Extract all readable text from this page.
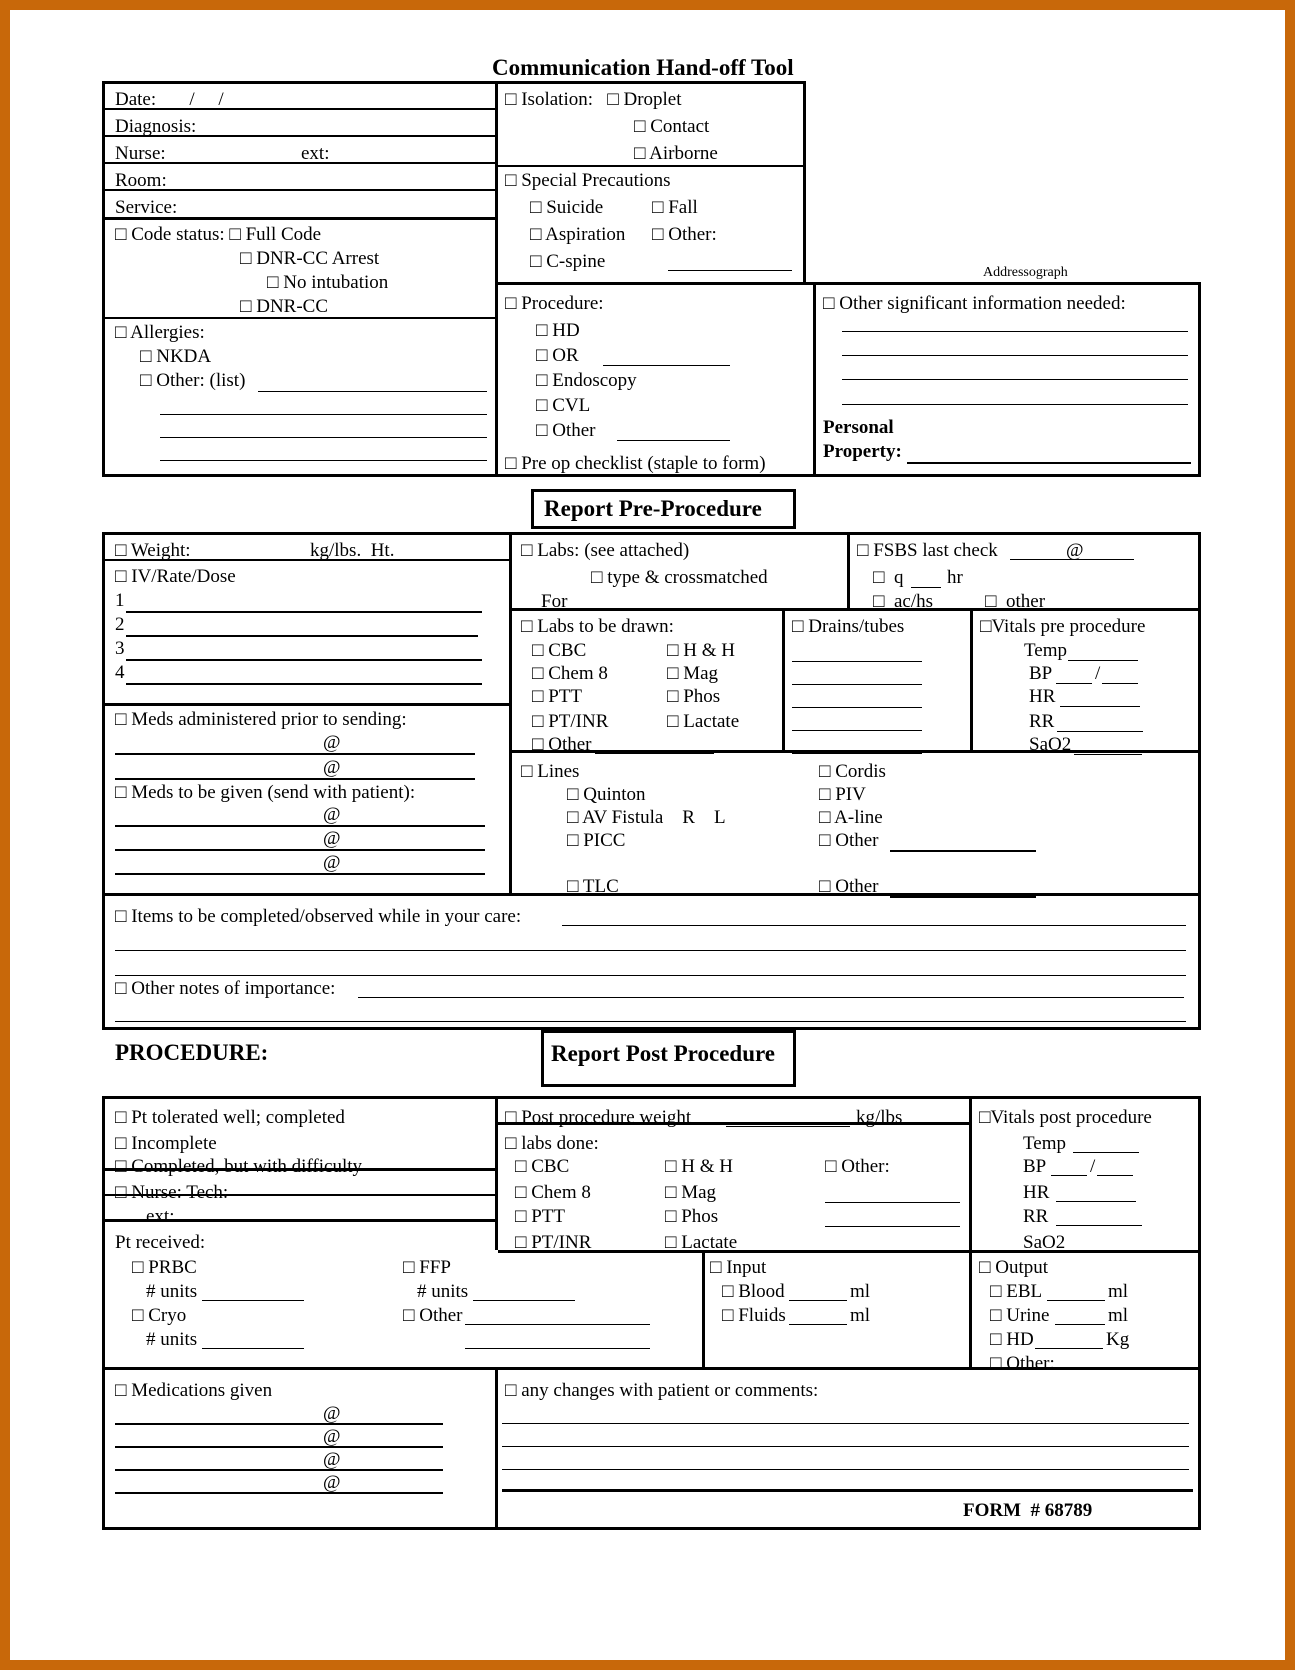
Communication Hand-off Tool
Date:       /     /
Diagnosis:
Nurse:	ext:
Room:
Service:
□ Code status: □ Full Code
□ DNR-CC Arrest
□ No intubation
□ DNR-CC
□ Allergies:
□ NKDA
□ Other: (list)
□ Isolation:   □ Droplet
□ Contact
□ Airborne
□ Special Precautions
□ Suicide	□ Fall
□ Aspiration □ Other:
□ C-spine
Addressograph
□ Procedure:
□ HD
□ OR
□ Endoscopy
□ CVL
□ Other
□ Pre op checklist (staple to form)
□ Other significant information needed:
Personal
Property:
Report Pre-Procedure
□ Weight:	kg/lbs.  Ht.
□ IV/Rate/Dose
1
2
3
4
□ Meds administered prior to sending:
@
@
□ Meds to be given (send with patient):
@
@
@
□ Labs: (see attached)
□ type & crossmatched
For
□ FSBS last check	@
□  q hr
□  ac/hs	□  other
□ Labs to be drawn:
□ CBC	□ H & H
□ Chem 8	□ Mag
□ PTT	□ Phos
□ PT/INR	□ Lactate
□ Other
□ Drains/tubes	□Vitals pre procedure
Temp
BP /
HR
RR
SaO2
□ Lines
□ Quinton
□ AV Fistula    R    L
□ PICC
□ TLC
□ Cordis
□ PIV
□ A-line
□ Other
□ Other
□ Items to be completed/observed while in your care:
□ Other notes of importance:
PROCEDURE:	Report Post Procedure
□ Pt tolerated well; completed
□ Incomplete
□ Completed, but with difficulty
□ Nurse: Tech:
ext:
Pt received:
□ PRBC
# units
□ Cryo
# units
□ FFP
# units
□ Other
□ Post procedure weight	kg/lbs
□ labs done:
□ CBC	□ H & H	□ Other:
□ Chem 8	□ Mag
□ PTT	□ Phos
□ PT/INR	□ Lactate
□Vitals post procedure
Temp
BP /
HR
RR
SaO2
□ Input
□ Blood	ml
□ Fluids	ml
□ Output
□ EBL	ml
□ Urine	ml
□ HD	Kg
□ Other:
□ Medications given
@
@
@
@
□ any changes with patient or comments:
FORM  # 68789
